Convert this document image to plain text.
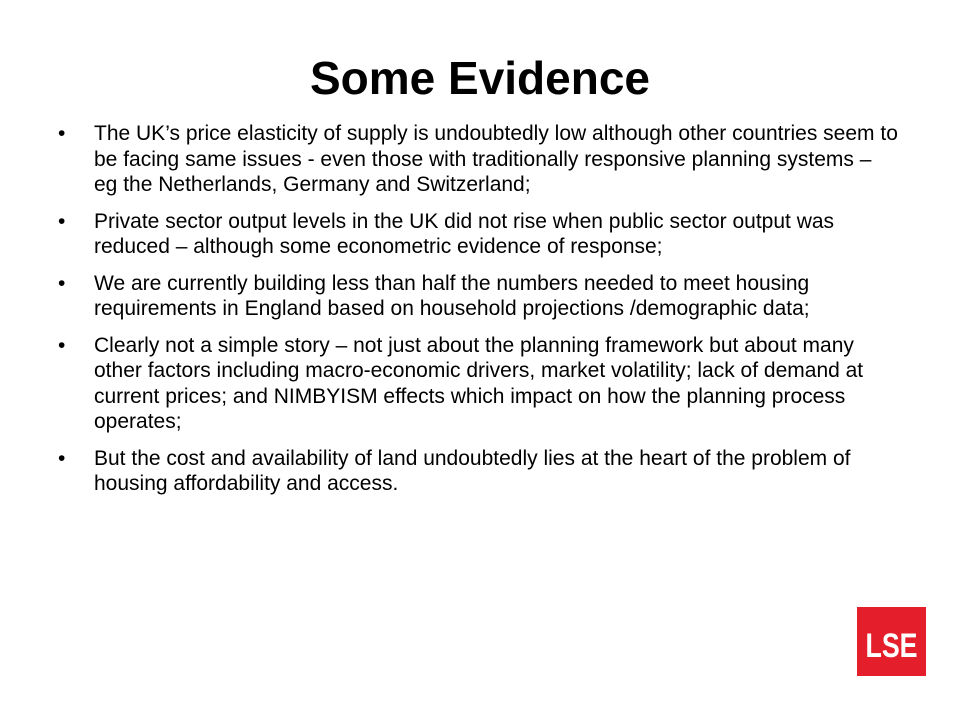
Some Evidence
•	The UK’s price elasticity of supply is undoubtedly low although other countries seem to be facing same issues - even those with traditionally responsive planning systems – eg the Netherlands, Germany and Switzerland;
•	Private sector output levels in the UK did not rise when public sector output was reduced – although some econometric evidence of response;
•	We are currently building less than half the numbers needed to meet housing requirements in England based on household projections /demographic data;
•	Clearly not a simple story – not just about the planning framework but about many other factors including macro-economic drivers, market volatility; lack of demand at current prices; and NIMBYISM effects which impact on how the planning process operates;
•	But the cost and availability of land undoubtedly lies at the heart of the problem of housing affordability and access.
LSE
